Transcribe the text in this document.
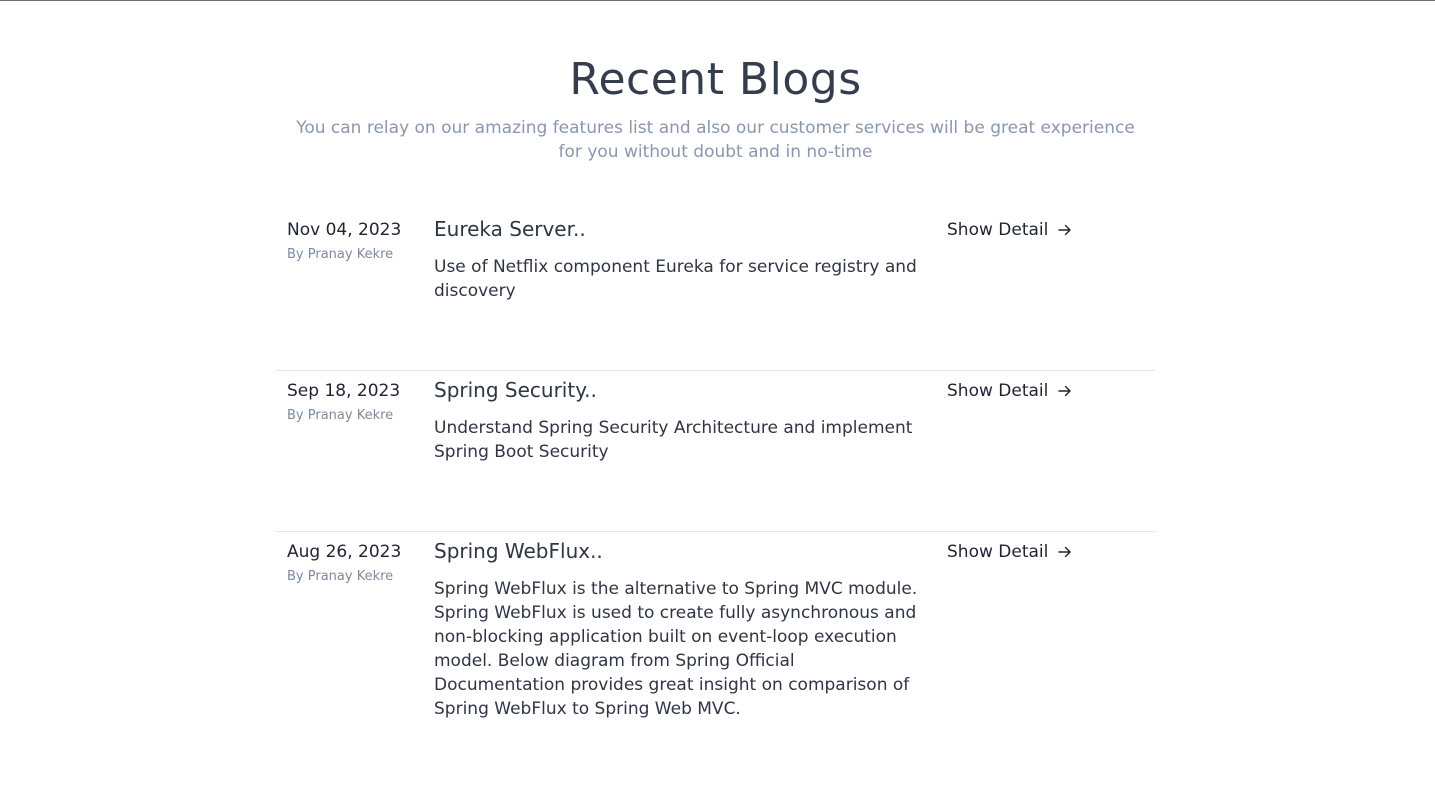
Recent Blogs

You can relay on our amazing features list and also our customer services will be great experience for you without doubt and in no-time

Nov 04, 2023
By Pranay Kekre
Eureka Server..

Use of Netflix component Eureka for service registry and discovery

Show Detail
Sep 18, 2023
By Pranay Kekre
Spring Security..

Understand Spring Security Architecture and implement Spring Boot Security

Show Detail
Aug 26, 2023
By Pranay Kekre
Spring WebFlux..

Spring WebFlux is the alternative to Spring MVC module. Spring WebFlux is used to create fully asynchronous and non-blocking application built on event-loop execution model. Below diagram from Spring Official Documentation provides great insight on comparison of Spring WebFlux to Spring Web MVC.

Show Detail
